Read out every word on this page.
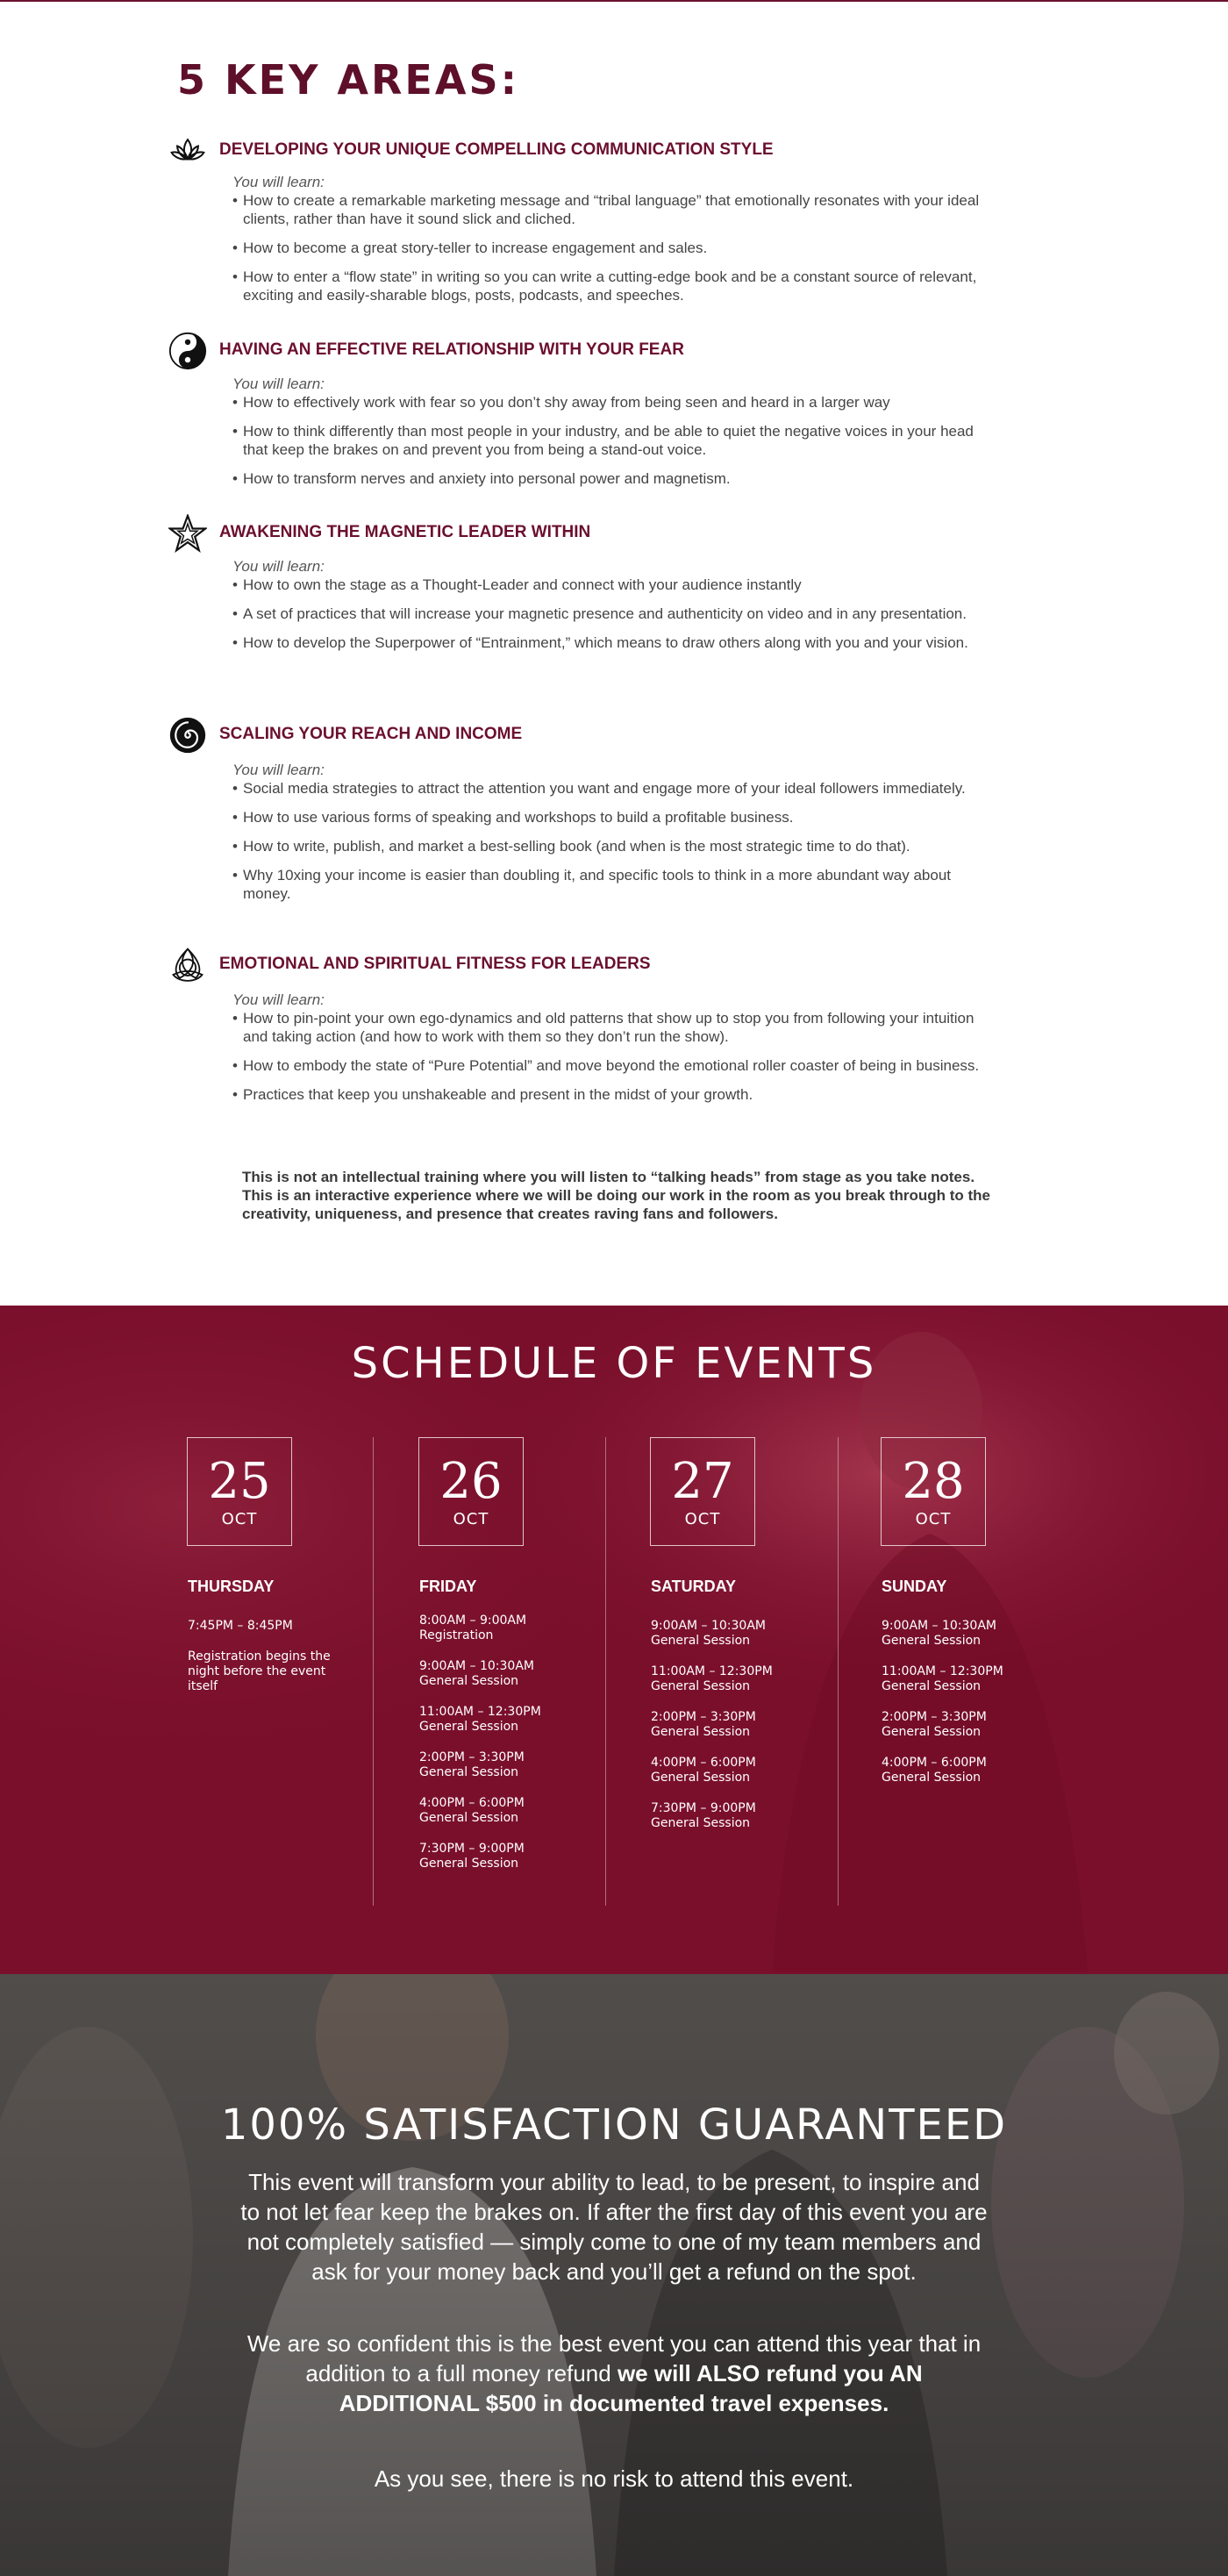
5 KEY AREAS:
DEVELOPING YOUR UNIQUE COMPELLING COMMUNICATION STYLE
You will learn:
• How to create a remarkable marketing message and “tribal language” that emotionally resonates with your ideal clients, rather than have it sound slick and cliched.
• How to become a great story-teller to increase engagement and sales.
• How to enter a “flow state” in writing so you can write a cutting-edge book and be a constant source of relevant, exciting and easily-sharable blogs, posts, podcasts, and speeches.
HAVING AN EFFECTIVE RELATIONSHIP WITH YOUR FEAR
You will learn:
• How to effectively work with fear so you don’t shy away from being seen and heard in a larger way
• How to think differently than most people in your industry, and be able to quiet the negative voices in your head that keep the brakes on and prevent you from being a stand-out voice.
• How to transform nerves and anxiety into personal power and magnetism.
AWAKENING THE MAGNETIC LEADER WITHIN
You will learn:
• How to own the stage as a Thought-Leader and connect with your audience instantly
• A set of practices that will increase your magnetic presence and authenticity on video and in any presentation.
• How to develop the Superpower of “Entrainment,” which means to draw others along with you and your vision.
SCALING YOUR REACH AND INCOME
You will learn:
• Social media strategies to attract the attention you want and engage more of your ideal followers immediately.
• How to use various forms of speaking and workshops to build a profitable business.
• How to write, publish, and market a best-selling book (and when is the most strategic time to do that).
• Why 10xing your income is easier than doubling it, and specific tools to think in a more abundant way about money.
EMOTIONAL AND SPIRITUAL FITNESS FOR LEADERS
You will learn:
• How to pin-point your own ego-dynamics and old patterns that show up to stop you from following your intuition and taking action (and how to work with them so they don’t run the show).
• How to embody the state of “Pure Potential” and move beyond the emotional roller coaster of being in business.
• Practices that keep you unshakeable and present in the midst of your growth.

This is not an intellectual training where you will listen to “talking heads” from stage as you take notes. This is an interactive experience where we will be doing our work in the room as you break through to the creativity, uniqueness, and presence that creates raving fans and followers.

SCHEDULE OF EVENTS
25
OCT
THURSDAY
7:45PM – 8:45PM
Registration begins the night before the event itself
26
OCT
FRIDAY
8:00AM – 9:00AM
Registration
9:00AM – 10:30AM
General Session
11:00AM – 12:30PM
General Session
2:00PM – 3:30PM
General Session
4:00PM – 6:00PM
General Session
7:30PM – 9:00PM
General Session
27
OCT
SATURDAY
9:00AM – 10:30AM
General Session
11:00AM – 12:30PM
General Session
2:00PM – 3:30PM
General Session
4:00PM – 6:00PM
General Session
7:30PM – 9:00PM
General Session
28
OCT
SUNDAY
9:00AM – 10:30AM
General Session
11:00AM – 12:30PM
General Session
2:00PM – 3:30PM
General Session
4:00PM – 6:00PM
General Session
100% SATISFACTION GUARANTEED

This event will transform your ability to lead, to be present, to inspire and to not let fear keep the brakes on. If after the first day of this event you are not completely satisfied — simply come to one of my team members and ask for your money back and you’ll get a refund on the spot.

We are so confident this is the best event you can attend this year that in addition to a full money refund we will ALSO refund you AN ADDITIONAL $500 in documented travel expenses.

As you see, there is no risk to attend this event.
